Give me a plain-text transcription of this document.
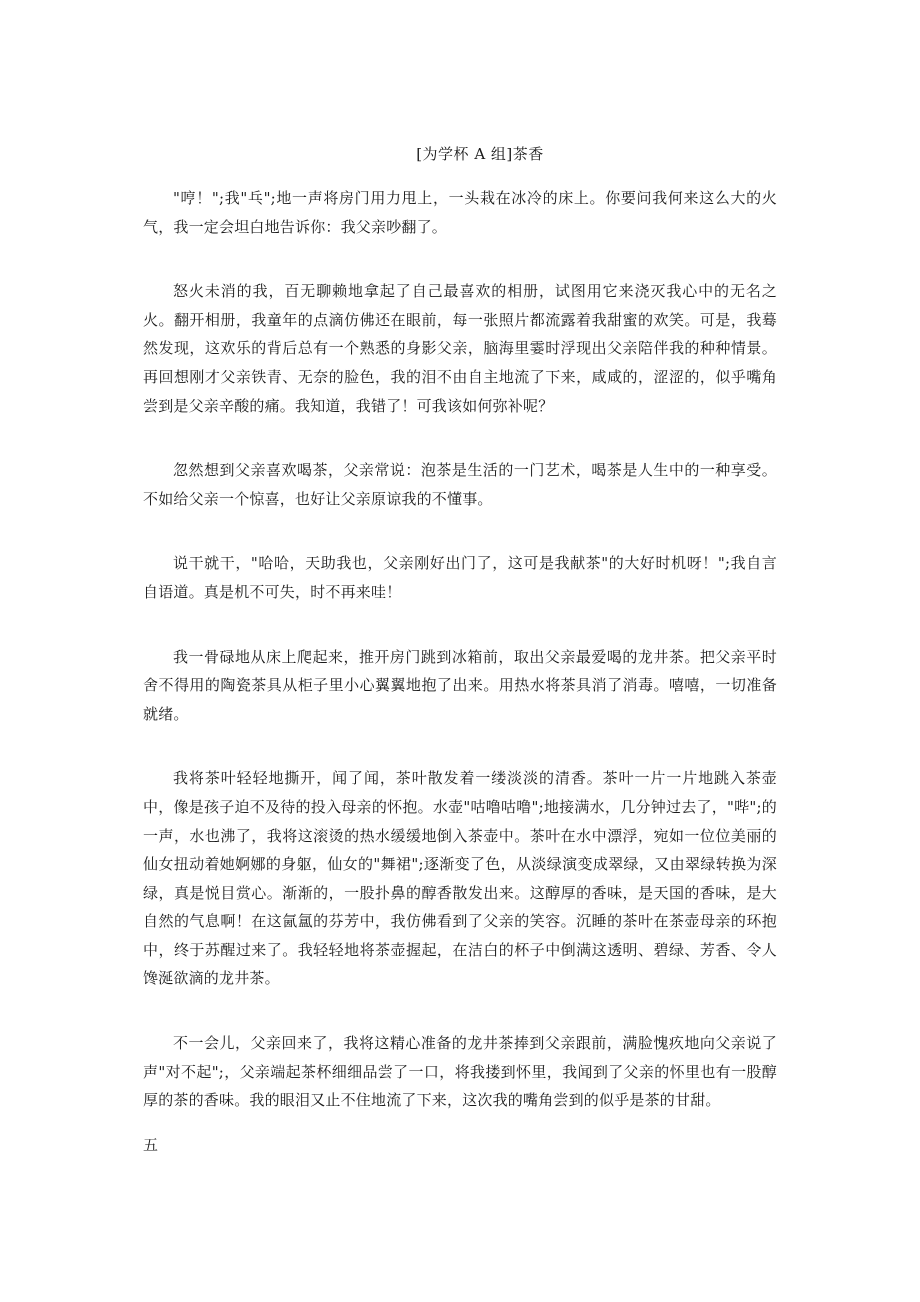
[为学杯 A 组]茶香

"哼！";我"乓";地一声将房门用力甩上，一头栽在冰冷的床上。你要问我何来这么大的火气，我一定会坦白地告诉你：我父亲吵翻了。

怒火未消的我，百无聊赖地拿起了自己最喜欢的相册，试图用它来浇灭我心中的无名之火。翻开相册，我童年的点滴仿佛还在眼前，每一张照片都流露着我甜蜜的欢笑。可是，我蓦然发现，这欢乐的背后总有一个熟悉的身影父亲，脑海里霎时浮现出父亲陪伴我的种种情景。再回想刚才父亲铁青、无奈的脸色，我的泪不由自主地流了下来，咸咸的，涩涩的，似乎嘴角尝到是父亲辛酸的痛。我知道，我错了！可我该如何弥补呢？

忽然想到父亲喜欢喝茶，父亲常说：泡茶是生活的一门艺术，喝茶是人生中的一种享受。不如给父亲一个惊喜，也好让父亲原谅我的不懂事。

说干就干，"哈哈，天助我也，父亲刚好出门了，这可是我献茶"的大好时机呀！";我自言自语道。真是机不可失，时不再来哇！

我一骨碌地从床上爬起来，推开房门跳到冰箱前，取出父亲最爱喝的龙井茶。把父亲平时舍不得用的陶瓷茶具从柜子里小心翼翼地抱了出来。用热水将茶具消了消毒。嘻嘻，一切准备就绪。

我将茶叶轻轻地撕开，闻了闻，茶叶散发着一缕淡淡的清香。茶叶一片一片地跳入茶壶中，像是孩子迫不及待的投入母亲的怀抱。水壶"咕噜咕噜";地接满水，几分钟过去了，"哔";的一声，水也沸了，我将这滚烫的热水缓缓地倒入茶壶中。茶叶在水中漂浮，宛如一位位美丽的仙女扭动着她婀娜的身躯，仙女的"舞裙";逐渐变了色，从淡绿演变成翠绿，又由翠绿转换为深绿，真是悦目赏心。渐渐的，一股扑鼻的醇香散发出来。这醇厚的香味，是天国的香味，是大自然的气息啊！在这氤氲的芬芳中，我仿佛看到了父亲的笑容。沉睡的茶叶在茶壶母亲的环抱中，终于苏醒过来了。我轻轻地将茶壶握起，在洁白的杯子中倒满这透明、碧绿、芳香、令人馋涎欲滴的龙井茶。

不一会儿，父亲回来了，我将这精心准备的龙井茶捧到父亲跟前，满脸愧疚地向父亲说了声"对不起";，父亲端起茶杯细细品尝了一口，将我搂到怀里，我闻到了父亲的怀里也有一股醇厚的茶的香味。我的眼泪又止不住地流了下来，这次我的嘴角尝到的似乎是茶的甘甜。

五
